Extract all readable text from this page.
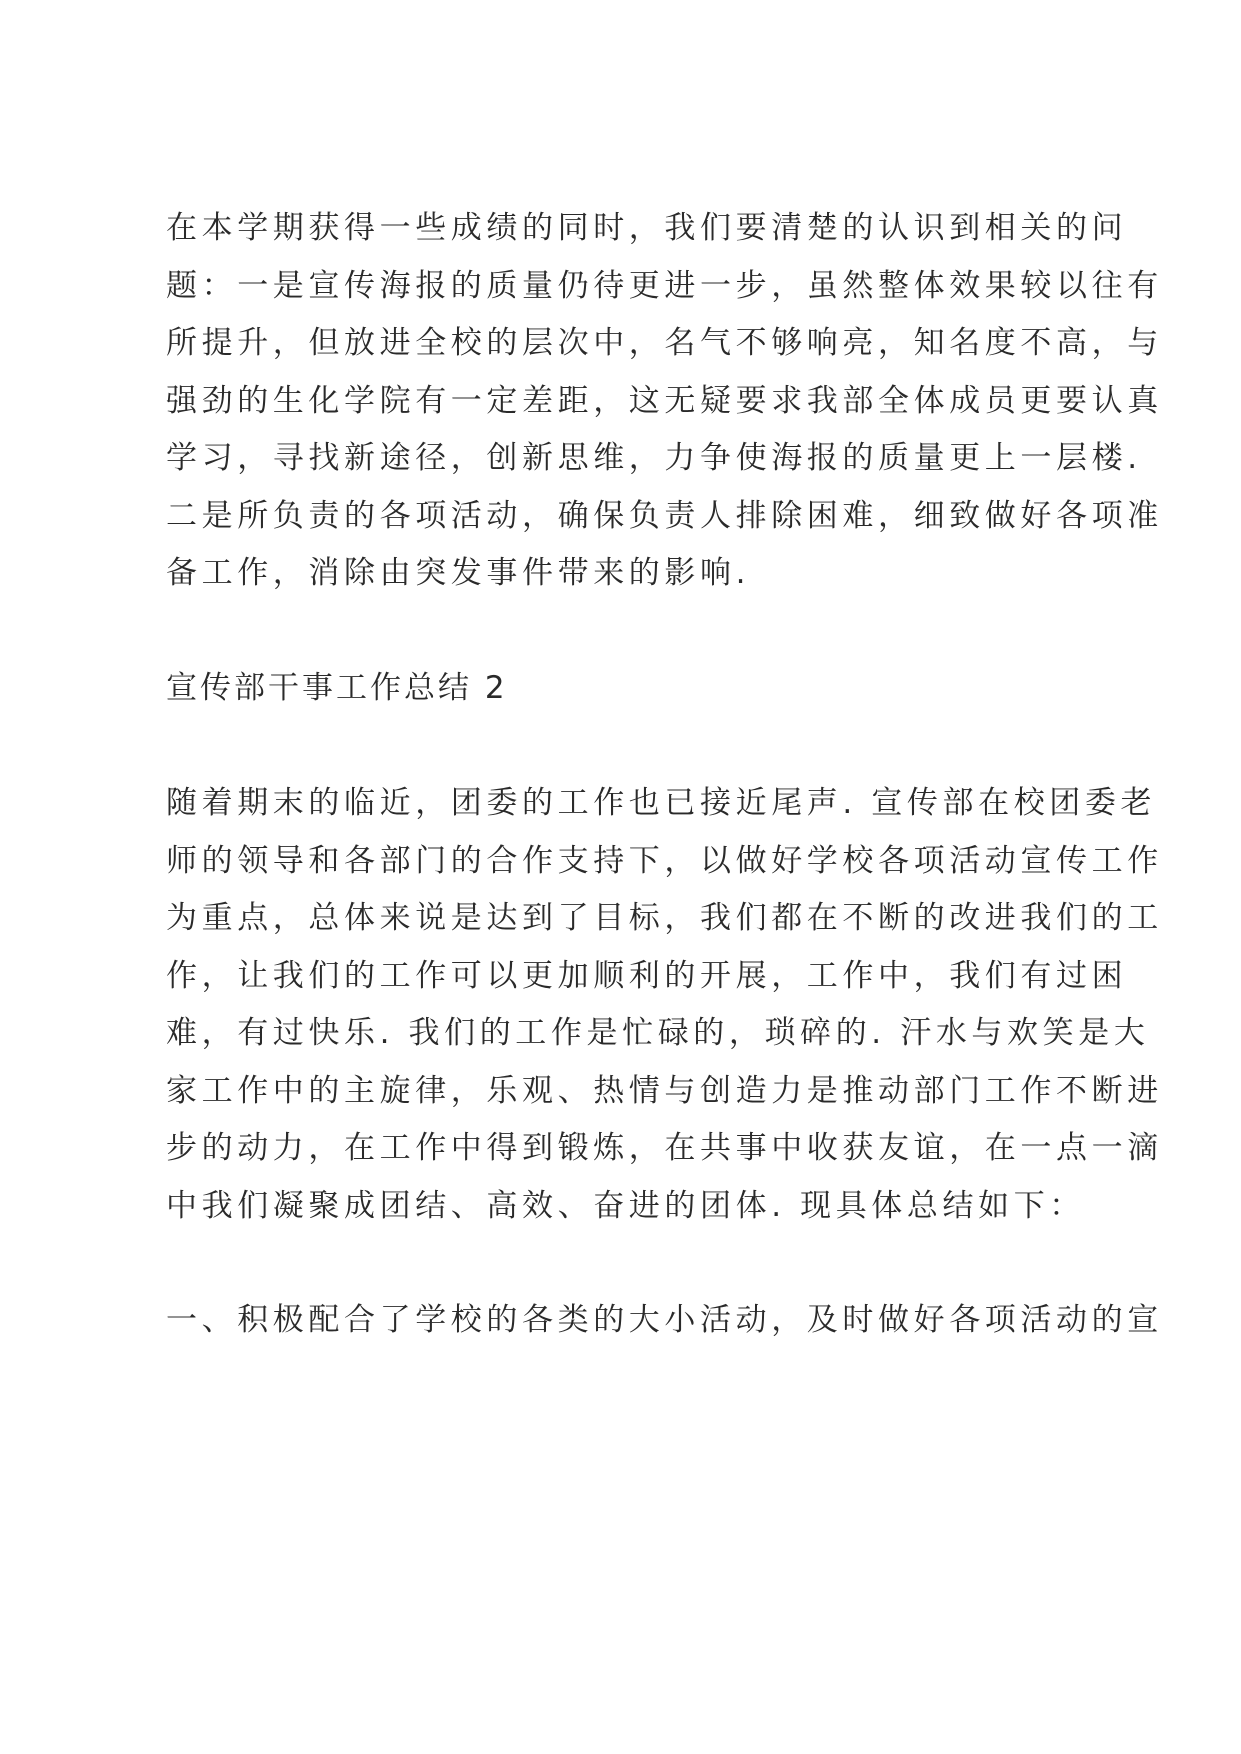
在本学期获得一些成绩的同时，我们要清楚的认识到相关的问
题：一是宣传海报的质量仍待更进一步，虽然整体效果较以往有
所提升，但放进全校的层次中，名气不够响亮，知名度不高，与
强劲的生化学院有一定差距，这无疑要求我部全体成员更要认真
学习，寻找新途径，创新思维，力争使海报的质量更上一层楼.
二是所负责的各项活动，确保负责人排除困难，细致做好各项准
备工作，消除由突发事件带来的影响.
宣传部干事工作总结 2
随着期末的临近，团委的工作也已接近尾声. 宣传部在校团委老
师的领导和各部门的合作支持下，以做好学校各项活动宣传工作
为重点，总体来说是达到了目标，我们都在不断的改进我们的工
作，让我们的工作可以更加顺利的开展，工作中，我们有过困
难，有过快乐. 我们的工作是忙碌的，琐碎的. 汗水与欢笑是大
家工作中的主旋律，乐观、热情与创造力是推动部门工作不断进
步的动力，在工作中得到锻炼，在共事中收获友谊，在一点一滴
中我们凝聚成团结、高效、奋进的团体. 现具体总结如下：
一、积极配合了学校的各类的大小活动，及时做好各项活动的宣
